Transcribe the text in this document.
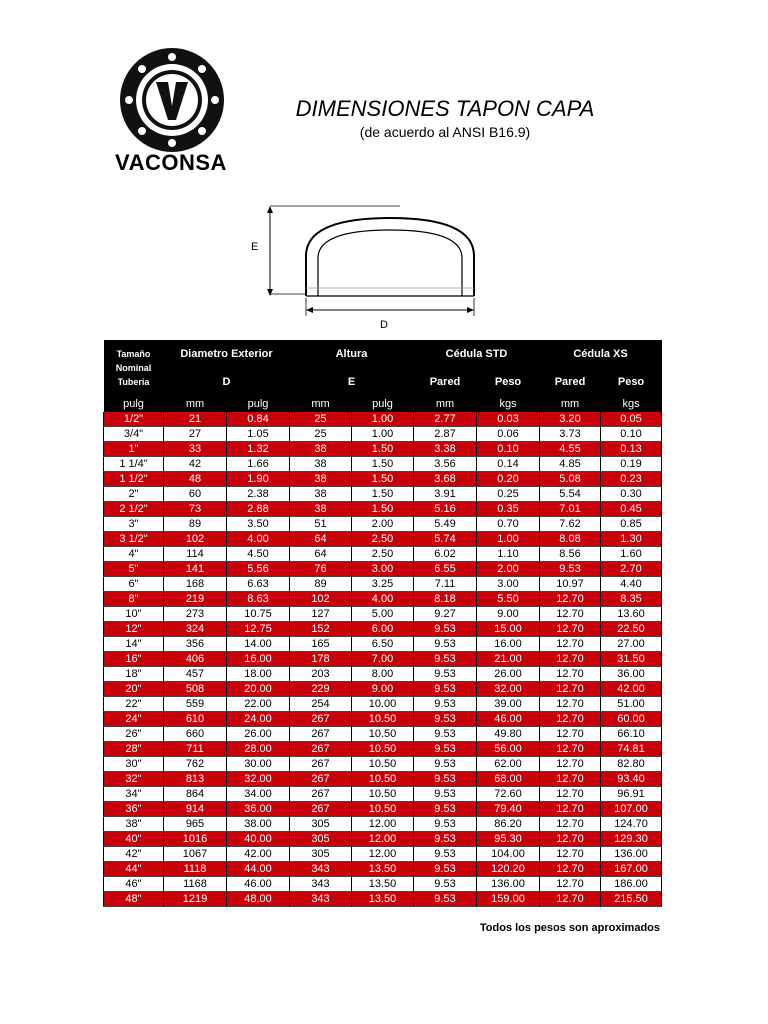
VACONSA
DIMENSIONES TAPON CAPA
(de acuerdo al ANSI B16.9)
E
D
Tamaño Nominal Tuberia	Diametro Exterior		Altura		Cédula STD		Cédula XS	
	D		E		Pared	Peso	Pared	Peso
pulg	mm	pulg	mm	pulg	mm	kgs	mm	kgs
1/2"	21	0.84	25	1.00	2.77	0.03	3.20	0.05
3/4"	27	1.05	25	1.00	2.87	0.06	3.73	0.10
1"	33	1.32	38	1.50	3.38	0.10	4.55	0.13
1 1/4"	42	1.66	38	1.50	3.56	0.14	4.85	0.19
1 1/2"	48	1.90	38	1.50	3.68	0.20	5.08	0.23
2"	60	2.38	38	1.50	3.91	0.25	5.54	0.30
2 1/2"	73	2.88	38	1.50	5.16	0.35	7.01	0.45
3"	89	3.50	51	2.00	5.49	0.70	7.62	0.85
3 1/2"	102	4.00	64	2.50	5.74	1.00	8.08	1.30
4"	114	4.50	64	2.50	6.02	1.10	8.56	1.60
5"	141	5.56	76	3.00	6.55	2.00	9.53	2.70
6"	168	6.63	89	3.25	7.11	3.00	10.97	4.40
8"	219	8.63	102	4.00	8.18	5.50	12.70	8.35
10"	273	10.75	127	5.00	9.27	9.00	12.70	13.60
12"	324	12.75	152	6.00	9.53	15.00	12.70	22.50
14"	356	14.00	165	6.50	9.53	16.00	12.70	27.00
16"	406	16.00	178	7.00	9.53	21.00	12.70	31.50
18"	457	18.00	203	8.00	9.53	26.00	12.70	36.00
20"	508	20.00	229	9.00	9.53	32.00	12.70	42.00
22"	559	22.00	254	10.00	9.53	39.00	12.70	51.00
24"	610	24.00	267	10.50	9.53	46.00	12.70	60.00
26"	660	26.00	267	10.50	9.53	49.80	12.70	66.10
28"	711	28.00	267	10.50	9.53	56.00	12.70	74.81
30"	762	30.00	267	10.50	9.53	62.00	12.70	82.80
32"	813	32.00	267	10.50	9.53	68.00	12.70	93.40
34"	864	34.00	267	10.50	9.53	72.60	12.70	96.91
36"	914	36.00	267	10.50	9.53	79.40	12.70	107.00
38"	965	38.00	305	12.00	9.53	86.20	12.70	124.70
40"	1016	40.00	305	12.00	9.53	95.30	12.70	129.30
42"	1067	42.00	305	12.00	9.53	104.00	12.70	136.00
44"	1118	44.00	343	13.50	9.53	120.20	12.70	167.00
46"	1168	46.00	343	13.50	9.53	136.00	12.70	186.00
48"	1219	48.00	343	13.50	9.53	159.00	12.70	215.50
Todos los pesos son aproximados
